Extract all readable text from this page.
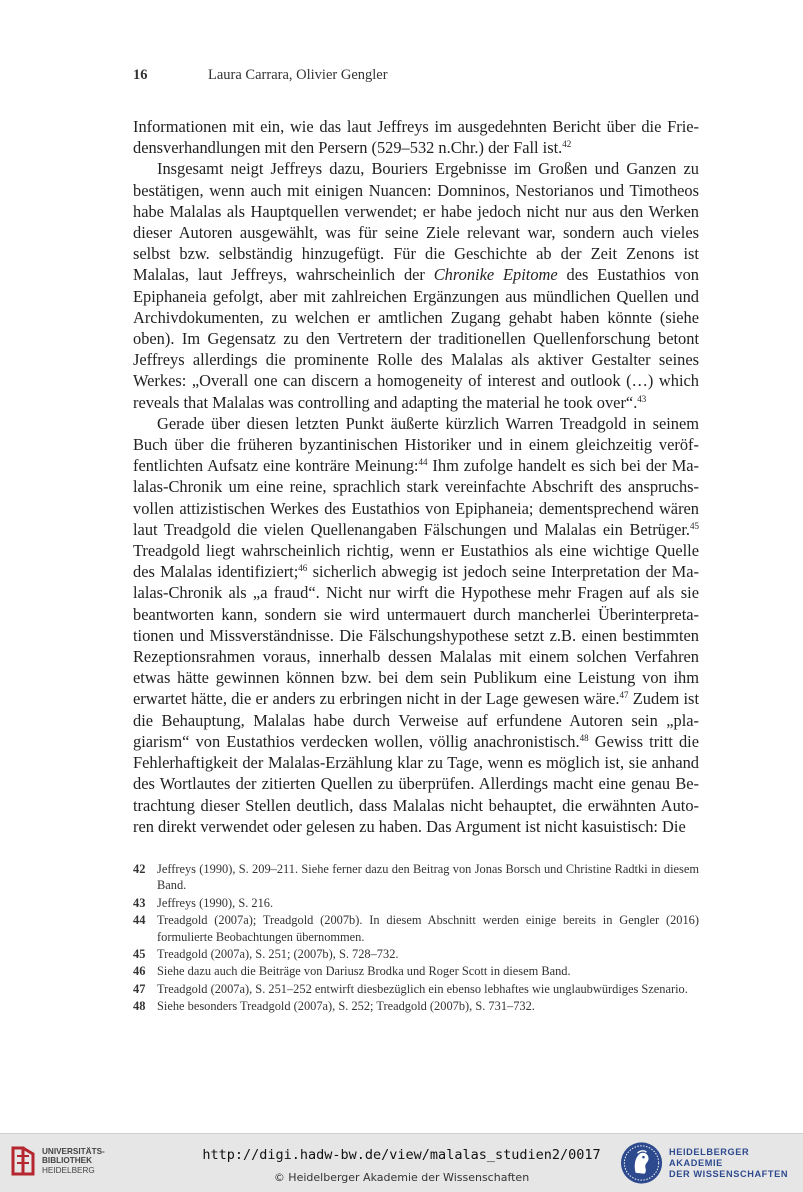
16	Laura Carrara, Olivier Gengler

Informationen mit ein, wie das laut Jeffreys im ausgedehnten Bericht über die Friedensverhandlungen mit den Persern (529–532 n.Chr.) der Fall ist.$^{42}$

Insgesamt neigt Jeffreys dazu, Bouriers Ergebnisse im Großen und Ganzen zu bestätigen, wenn auch mit einigen Nuancen: Domninos, Nestorianos und Timotheos habe Malalas als Hauptquellen verwendet; er habe jedoch nicht nur aus den Werken dieser Autoren ausgewählt, was für seine Ziele relevant war, sondern auch vieles selbst bzw. selbständig hinzugefügt. Für die Geschichte ab der Zeit Zenons ist Malalas, laut Jeffreys, wahrscheinlich der Chronike Epitome des Eustathios von Epiphaneia gefolgt, aber mit zahlreichen Ergänzungen aus mündlichen Quellen und Archivdokumenten, zu welchen er amtlichen Zugang gehabt haben könnte (siehe oben). Im Gegensatz zu den Vertretern der traditionellen Quellenforschung betont Jeffreys allerdings die prominente Rolle des Malalas als aktiver Gestalter seines Werkes: „Overall one can discern a homogeneity of interest and outlook (…) which reveals that Malalas was controlling and adapting the material he took over“.$^{43}$

Gerade über diesen letzten Punkt äußerte kürzlich Warren Treadgold in seinem Buch über die früheren byzantinischen Historiker und in einem gleichzeitig veröffentlichten Aufsatz eine konträre Meinung:$^{44}$ Ihm zufolge handelt es sich bei der Malalas-Chronik um eine reine, sprachlich stark vereinfachte Abschrift des anspruchsvollen attizistischen Werkes des Eustathios von Epiphaneia; dementsprechend wären laut Treadgold die vielen Quellenangaben Fälschungen und Malalas ein Betrüger.$^{45}$ Treadgold liegt wahrscheinlich richtig, wenn er Eustathios als eine wichtige Quelle des Malalas identifiziert;$^{46}$ sicherlich abwegig ist jedoch seine Interpretation der Malalas-Chronik als „a fraud“. Nicht nur wirft die Hypothese mehr Fragen auf als sie beantworten kann, sondern sie wird untermauert durch mancherlei Überinterpretationen und Missverständnisse. Die Fälschungshypothese setzt z.B. einen bestimmten Rezeptionsrahmen voraus, innerhalb dessen Malalas mit einem solchen Verfahren etwas hätte gewinnen können bzw. bei dem sein Publikum eine Leistung von ihm erwartet hätte, die er anders zu erbringen nicht in der Lage gewesen wäre.$^{47}$ Zudem ist die Behauptung, Malalas habe durch Verweise auf erfundene Autoren sein „plagiarism“ von Eustathios verdecken wollen, völlig anachronistisch.$^{48}$ Gewiss tritt die Fehlerhaftigkeit der Malalas-Erzählung klar zu Tage, wenn es möglich ist, sie anhand des Wortlautes der zitierten Quellen zu überprüfen. Allerdings macht eine genau Betrachtung dieser Stellen deutlich, dass Malalas nicht behauptet, die erwähnten Autoren direkt verwendet oder gelesen zu haben. Das Argument ist nicht kasuistisch: Die

42 Jeffreys (1990), S. 209–211. Siehe ferner dazu den Beitrag von Jonas Borsch und Christine Radtki in diesem Band.
43 Jeffreys (1990), S. 216.
44 Treadgold (2007a); Treadgold (2007b). In diesem Abschnitt werden einige bereits in Gengler (2016) formulierte Beobachtungen übernommen.
45 Treadgold (2007a), S. 251; (2007b), S. 728–732.
46 Siehe dazu auch die Beiträge von Dariusz Brodka und Roger Scott in diesem Band.
47 Treadgold (2007a), S. 251–252 entwirft diesbezüglich ein ebenso lebhaftes wie unglaubwürdiges Szenario.
48 Siehe besonders Treadgold (2007a), S. 252; Treadgold (2007b), S. 731–732.
UNIVERSITÄTS-
BIBLIOTHEK
HEIDELBERG
http://digi.hadw-bw.de/view/malalas_studien2/0017
© Heidelberger Akademie der Wissenschaften
HEIDELBERGER AKADEMIE
DER WISSENSCHAFTEN
